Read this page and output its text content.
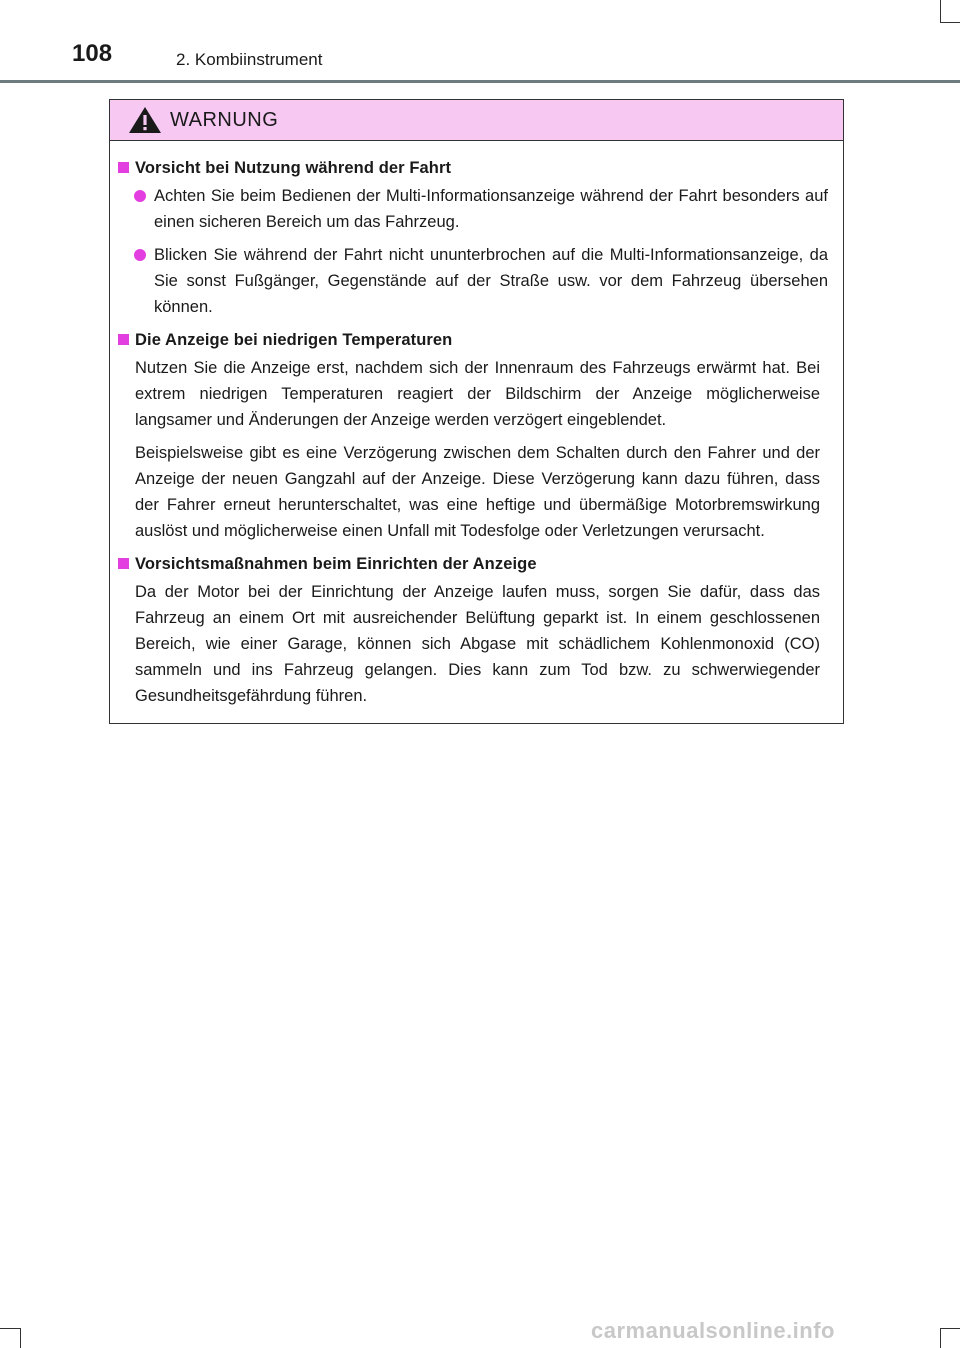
108	2. Kombiinstrument
WARNUNG
Vorsicht bei Nutzung während der Fahrt
Achten Sie beim Bedienen der Multi-Informationsanzeige während der Fahrt besonders auf einen sicheren Bereich um das Fahrzeug.
Blicken Sie während der Fahrt nicht ununterbrochen auf die Multi-Informationsanzeige, da Sie sonst Fußgänger, Gegenstände auf der Straße usw. vor dem Fahrzeug übersehen können.
Die Anzeige bei niedrigen Temperaturen
Nutzen Sie die Anzeige erst, nachdem sich der Innenraum des Fahrzeugs erwärmt hat. Bei extrem niedrigen Temperaturen reagiert der Bildschirm der Anzeige möglicherweise langsamer und Änderungen der Anzeige werden verzögert eingeblendet.
Beispielsweise gibt es eine Verzögerung zwischen dem Schalten durch den Fahrer und der Anzeige der neuen Gangzahl auf der Anzeige. Diese Verzögerung kann dazu führen, dass der Fahrer erneut herunterschaltet, was eine heftige und übermäßige Motorbremswirkung auslöst und möglicherweise einen Unfall mit Todesfolge oder Verletzungen verursacht.
Vorsichtsmaßnahmen beim Einrichten der Anzeige
Da der Motor bei der Einrichtung der Anzeige laufen muss, sorgen Sie dafür, dass das Fahrzeug an einem Ort mit ausreichender Belüftung geparkt ist. In einem geschlossenen Bereich, wie einer Garage, können sich Abgase mit schädlichem Kohlenmonoxid (CO) sammeln und ins Fahrzeug gelangen. Dies kann zum Tod bzw. zu schwerwiegender Gesundheitsgefährdung führen.
carmanualsonline.info
